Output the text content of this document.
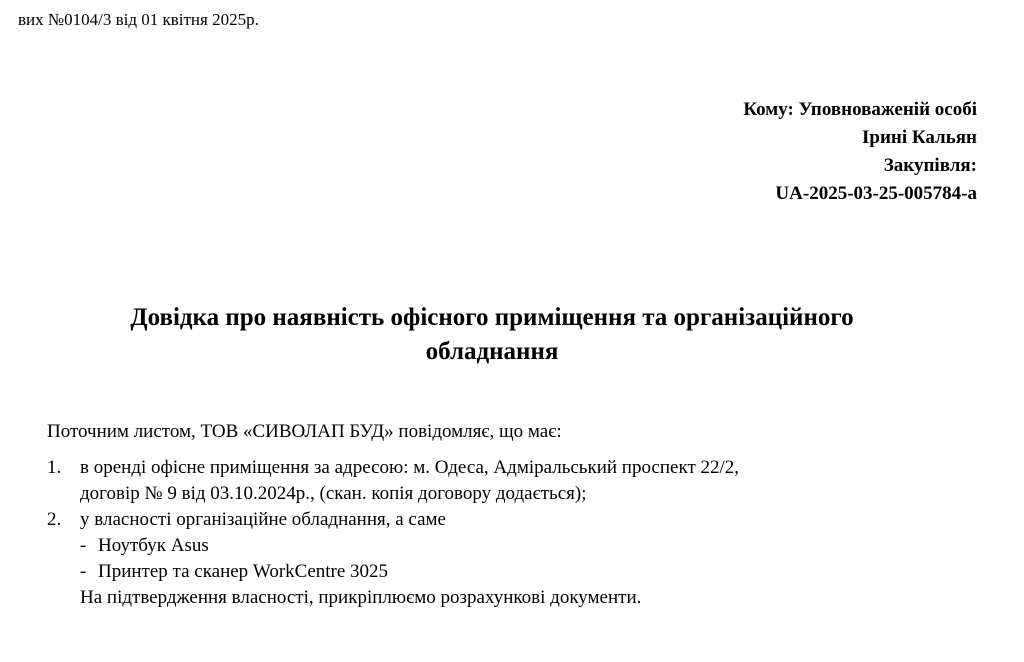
вих №0104/3 від 01 квітня 2025р.
Кому: Уповноваженій особі
Ірині Кальян
Закупівля:
UA-2025-03-25-005784-a
Довідка про наявність офісного приміщення та організаційного
обладнання

Поточним листом, ТОВ «СИВОЛАП БУД» повідомляє, що має:

1. в оренді офісне приміщення за адресою: м. Одеса, Адміральський проспект 22/2,
договір № 9 від 03.10.2024р., (скан. копія договору додається);
2. у власності організаційне обладнання, а саме
- Ноутбук Asus
- Принтер та сканер WorkCentre 3025
На підтвердження власності, прикріплюємо розрахункові документи.
